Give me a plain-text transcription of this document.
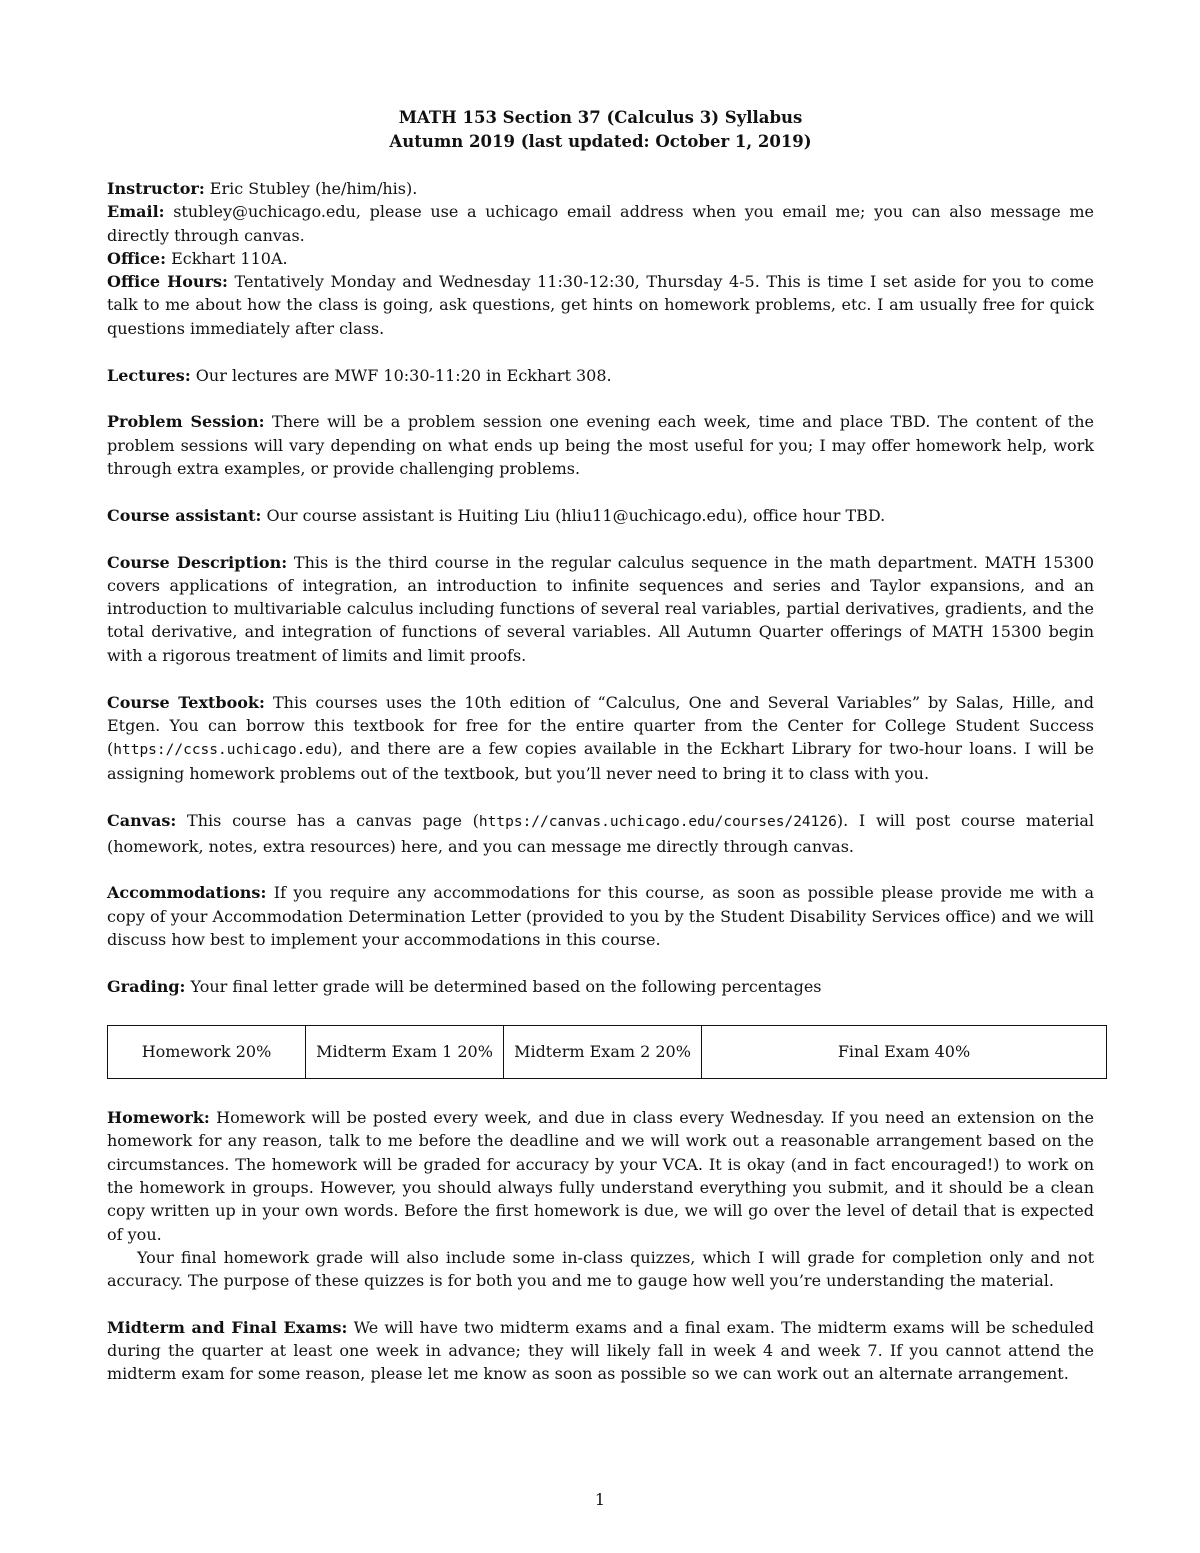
MATH 153 Section 37 (Calculus 3) Syllabus
Autumn 2019 (last updated: October 1, 2019)

Instructor: Eric Stubley (he/him/his).

Email: stubley@uchicago.edu, please use a uchicago email address when you email me; you can also message me directly through canvas.

Office: Eckhart 110A.

Office Hours: Tentatively Monday and Wednesday 11:30-12:30, Thursday 4-5. This is time I set aside for you to come talk to me about how the class is going, ask questions, get hints on homework problems, etc. I am usually free for quick questions immediately after class.

Lectures: Our lectures are MWF 10:30-11:20 in Eckhart 308.

Problem Session: There will be a problem session one evening each week, time and place TBD. The content of the problem sessions will vary depending on what ends up being the most useful for you; I may offer homework help, work through extra examples, or provide challenging problems.

Course assistant: Our course assistant is Huiting Liu (hliu11@uchicago.edu), office hour TBD.

Course Description: This is the third course in the regular calculus sequence in the math department. MATH 15300 covers applications of integration, an introduction to infinite sequences and series and Taylor expansions, and an introduction to multivariable calculus including functions of several real variables, partial derivatives, gradients, and the total derivative, and integration of functions of several variables. All Autumn Quarter offerings of MATH 15300 begin with a rigorous treatment of limits and limit proofs.

Course Textbook: This courses uses the 10th edition of “Calculus, One and Several Variables” by Salas, Hille, and Etgen. You can borrow this textbook for free for the entire quarter from the Center for College Student Success (https://ccss.uchicago.edu), and there are a few copies available in the Eckhart Library for two-hour loans. I will be assigning homework problems out of the textbook, but you’ll never need to bring it to class with you.

Canvas: This course has a canvas page (https://canvas.uchicago.edu/courses/24126). I will post course material (homework, notes, extra resources) here, and you can message me directly through canvas.

Accommodations: If you require any accommodations for this course, as soon as possible please provide me with a copy of your Accommodation Determination Letter (provided to you by the Student Disability Services office) and we will discuss how best to implement your accommodations in this course.

Grading: Your final letter grade will be determined based on the following percentages

Homework 20%	Midterm Exam 1 20%	Midterm Exam 2 20%	Final Exam 40%

Homework: Homework will be posted every week, and due in class every Wednesday. If you need an extension on the homework for any reason, talk to me before the deadline and we will work out a reasonable arrangement based on the circumstances. The homework will be graded for accuracy by your VCA. It is okay (and in fact encouraged!) to work on the homework in groups. However, you should always fully understand everything you submit, and it should be a clean copy written up in your own words. Before the first homework is due, we will go over the level of detail that is expected of you.

Your final homework grade will also include some in-class quizzes, which I will grade for completion only and not accuracy. The purpose of these quizzes is for both you and me to gauge how well you’re understanding the material.

Midterm and Final Exams: We will have two midterm exams and a final exam. The midterm exams will be scheduled during the quarter at least one week in advance; they will likely fall in week 4 and week 7. If you cannot attend the midterm exam for some reason, please let me know as soon as possible so we can work out an alternate arrangement.

1
